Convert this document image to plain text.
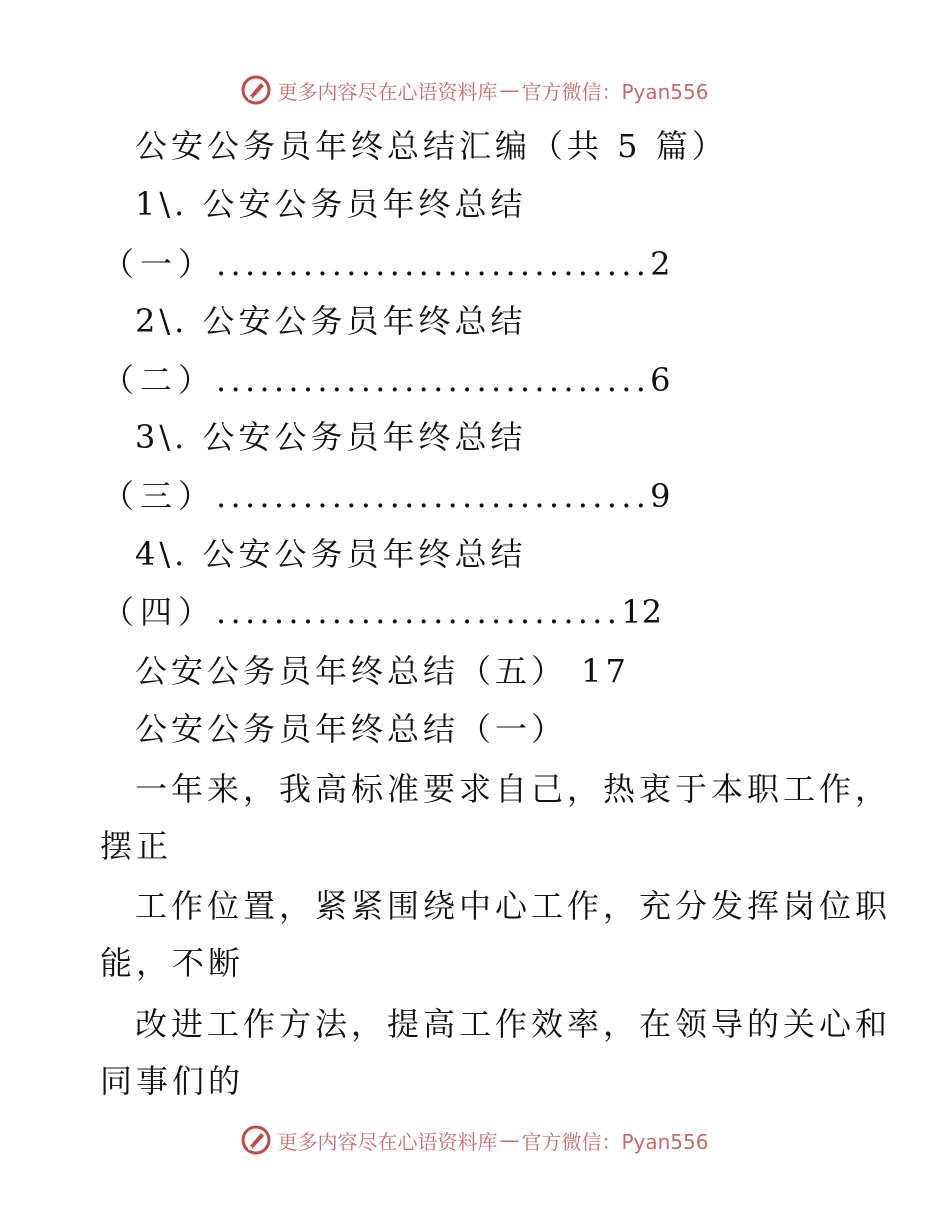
更多内容尽在心语资料库 — 官方微信：Pyan556
公安公务员年终总结汇编（共 5 篇）
1\. 公安公务员年终总结
（一）..............................2
2\. 公安公务员年终总结
（二）..............................6
3\. 公安公务员年终总结
（三）..............................9
4\. 公安公务员年终总结
（四）............................12
公安公务员年终总结（五） 17
公安公务员年终总结（一）
一年来，我高标准要求自己，热衷于本职工作，
摆正
工作位置，紧紧围绕中心工作，充分发挥岗位职
能，不断
改进工作方法，提高工作效率，在领导的关心和
同事们的
更多内容尽在心语资料库 — 官方微信：Pyan556
